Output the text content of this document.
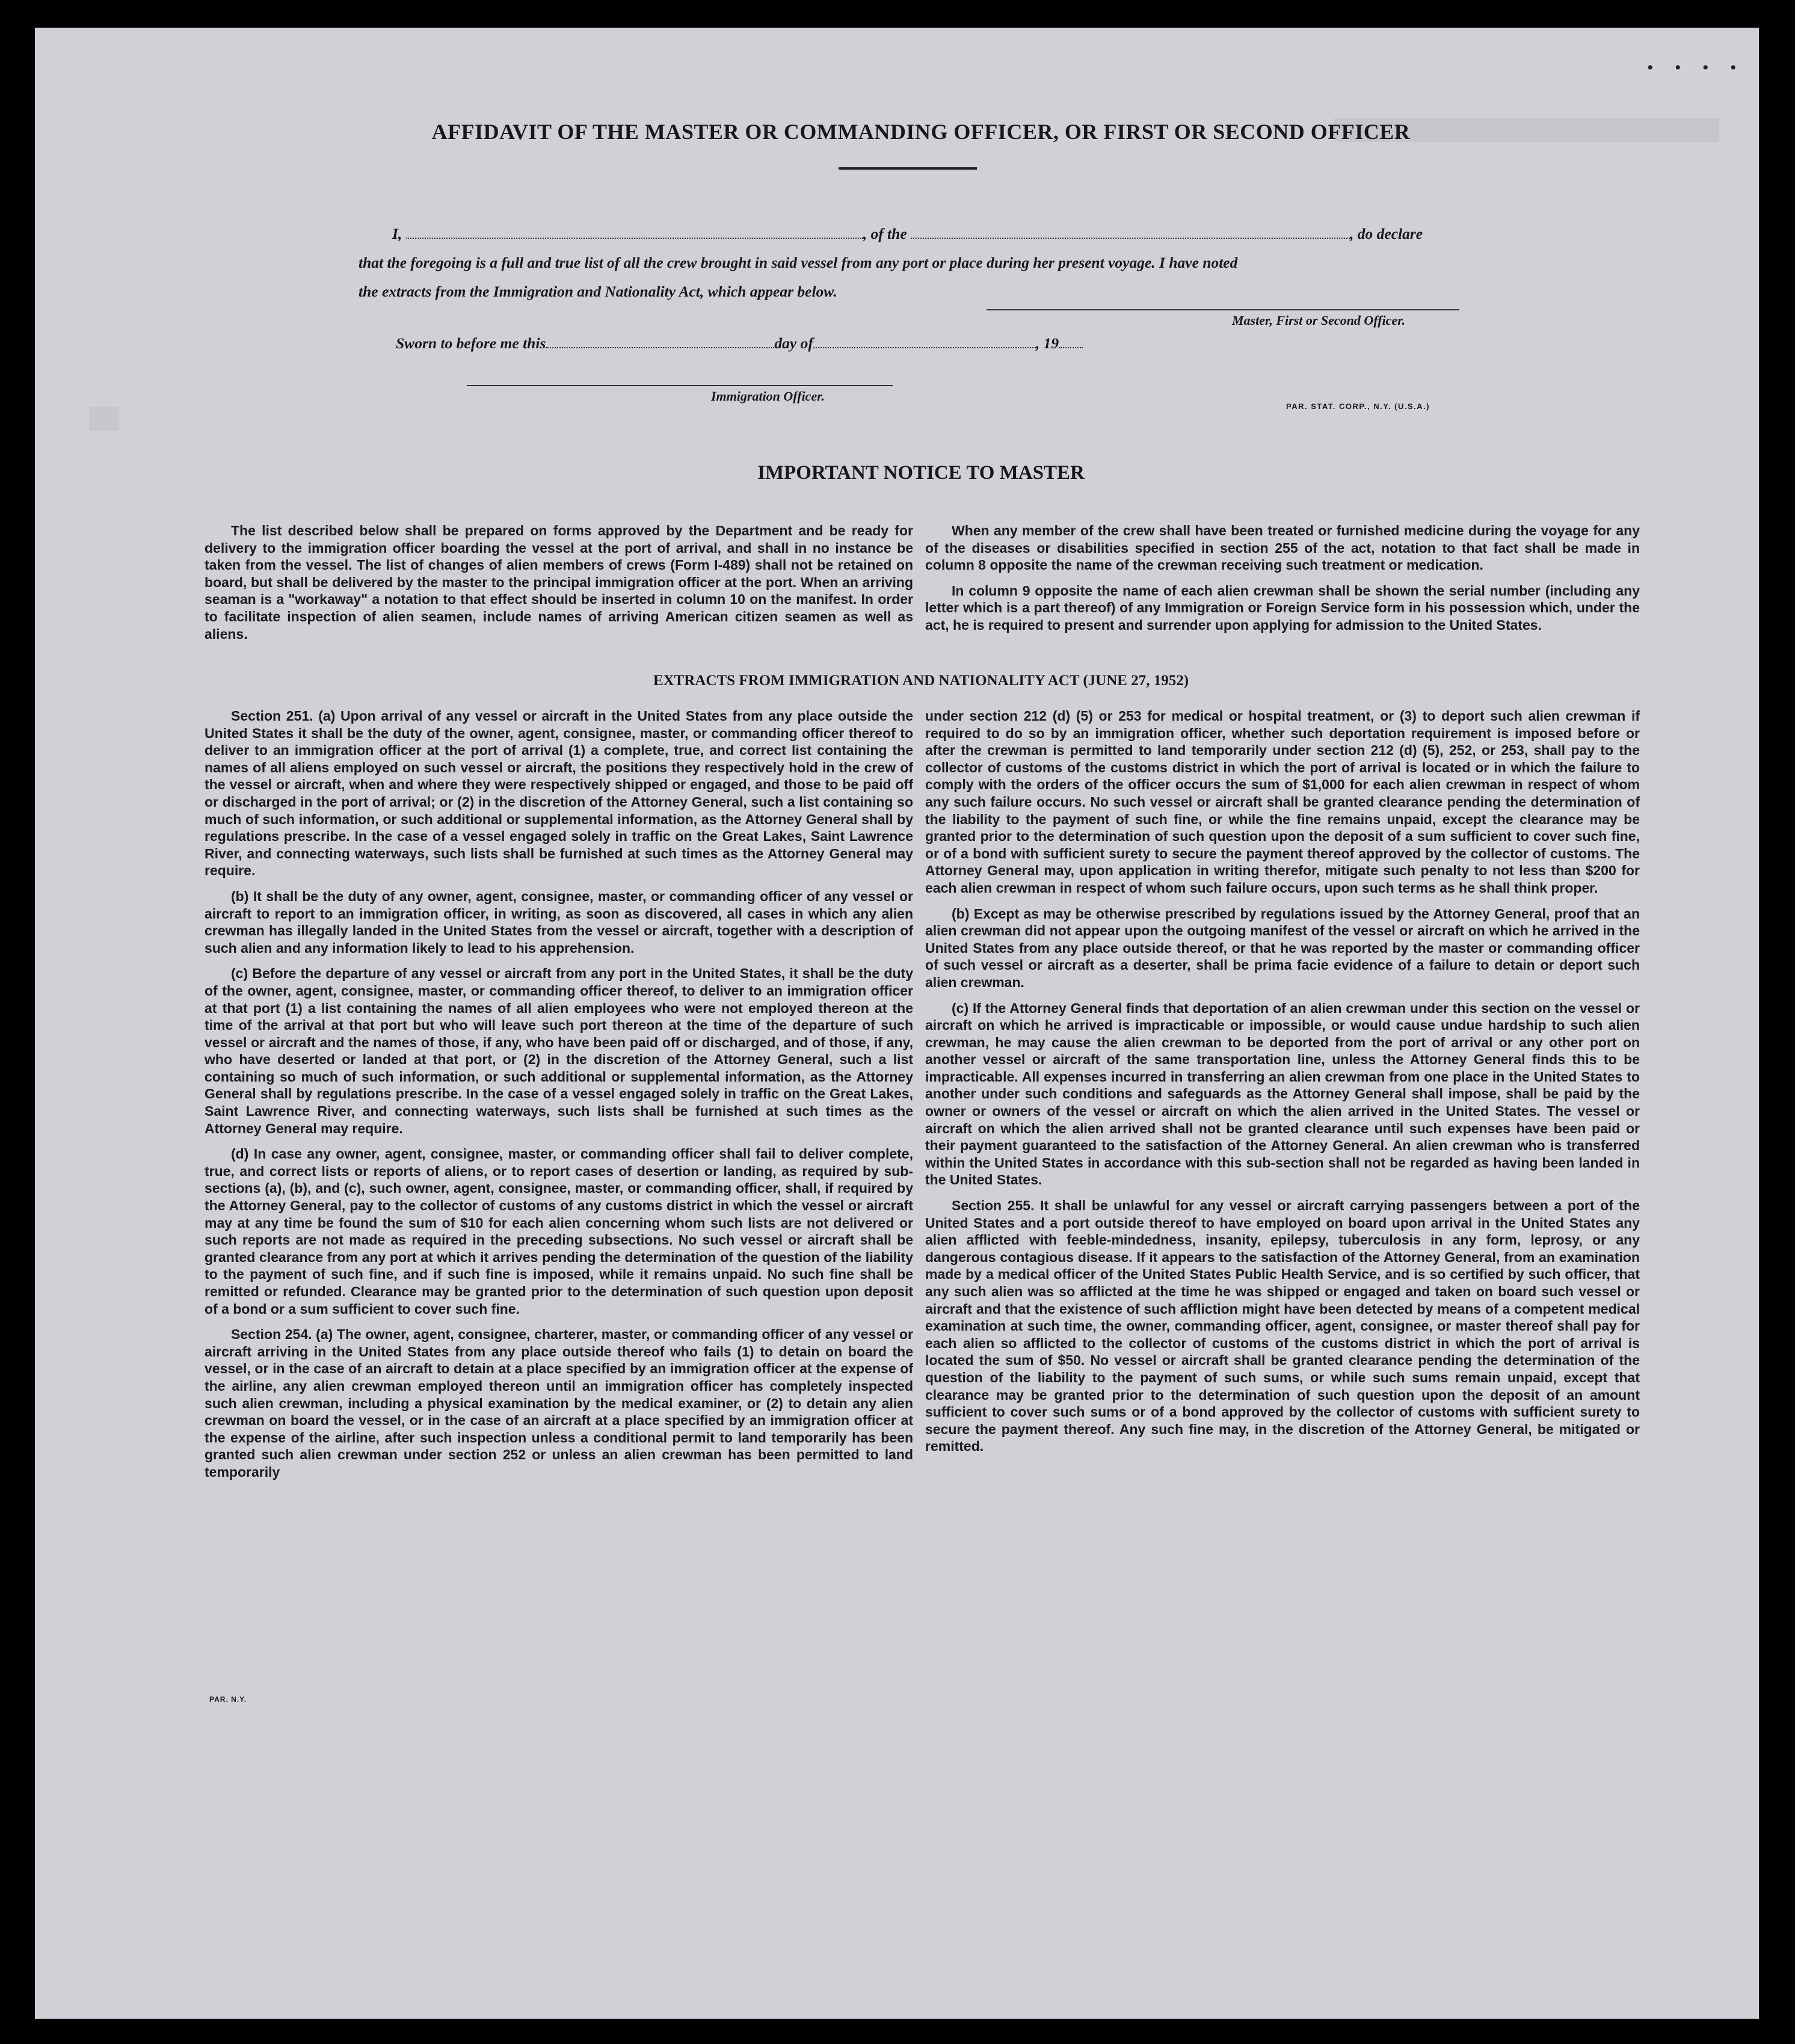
• • • •
AFFIDAVIT OF THE MASTER OR COMMANDING OFFICER, OR FIRST OR SECOND OFFICER
I,	, of the	, do declare
that the foregoing is a full and true list of all the crew brought in said vessel from any port or place during her present voyage. I have noted
the extracts from the Immigration and Nationality Act, which appear below.
Master, First or Second Officer.
Sworn to before me this	day of	, 19
Immigration Officer.
PAR. STAT. CORP., N.Y. (U.S.A.)
IMPORTANT NOTICE TO MASTER

The list described below shall be prepared on forms approved by the Department and be ready for delivery to the immigration officer boarding the vessel at the port of arrival, and shall in no instance be taken from the vessel. The list of changes of alien members of crews (Form I-489) shall not be retained on board, but shall be delivered by the master to the principal immigration officer at the port. When an arriving seaman is a "workaway" a notation to that effect should be inserted in column 10 on the manifest. In order to facilitate inspection of alien seamen, include names of arriving American citizen seamen as well as aliens.

When any member of the crew shall have been treated or furnished medicine during the voyage for any of the diseases or disabilities specified in section 255 of the act, notation to that fact shall be made in column 8 opposite the name of the crewman receiving such treatment or medication.

In column 9 opposite the name of each alien crewman shall be shown the serial number (including any letter which is a part thereof) of any Immigration or Foreign Service form in his possession which, under the act, he is required to present and surrender upon applying for admission to the United States.

EXTRACTS FROM IMMIGRATION AND NATIONALITY ACT (JUNE 27, 1952)

Section 251. (a) Upon arrival of any vessel or aircraft in the United States from any place outside the United States it shall be the duty of the owner, agent, consignee, master, or commanding officer thereof to deliver to an immigration officer at the port of arrival (1) a complete, true, and correct list containing the names of all aliens employed on such vessel or aircraft, the positions they respectively hold in the crew of the vessel or aircraft, when and where they were respectively shipped or engaged, and those to be paid off or discharged in the port of arrival; or (2) in the discretion of the Attorney General, such a list containing so much of such information, or such additional or supplemental information, as the Attorney General shall by regulations prescribe. In the case of a vessel engaged solely in traffic on the Great Lakes, Saint Lawrence River, and connecting waterways, such lists shall be furnished at such times as the Attorney General may require.

(b) It shall be the duty of any owner, agent, consignee, master, or commanding officer of any vessel or aircraft to report to an immigration officer, in writing, as soon as discovered, all cases in which any alien crewman has illegally landed in the United States from the vessel or aircraft, together with a description of such alien and any information likely to lead to his apprehension.

(c) Before the departure of any vessel or aircraft from any port in the United States, it shall be the duty of the owner, agent, consignee, master, or commanding officer thereof, to deliver to an immigration officer at that port (1) a list containing the names of all alien employees who were not employed thereon at the time of the arrival at that port but who will leave such port thereon at the time of the departure of such vessel or aircraft and the names of those, if any, who have been paid off or discharged, and of those, if any, who have deserted or landed at that port, or (2) in the discretion of the Attorney General, such a list containing so much of such information, or such additional or supplemental information, as the Attorney General shall by regulations prescribe. In the case of a vessel engaged solely in traffic on the Great Lakes, Saint Lawrence River, and connecting waterways, such lists shall be furnished at such times as the Attorney General may require.

(d) In case any owner, agent, consignee, master, or commanding officer shall fail to deliver complete, true, and correct lists or reports of aliens, or to report cases of desertion or landing, as required by sub-sections (a), (b), and (c), such owner, agent, consignee, master, or commanding officer, shall, if required by the Attorney General, pay to the collector of customs of any customs district in which the vessel or aircraft may at any time be found the sum of $10 for each alien concerning whom such lists are not delivered or such reports are not made as required in the preceding subsections. No such vessel or aircraft shall be granted clearance from any port at which it arrives pending the determination of the question of the liability to the payment of such fine, and if such fine is imposed, while it remains unpaid. No such fine shall be remitted or refunded. Clearance may be granted prior to the determination of such question upon deposit of a bond or a sum sufficient to cover such fine.

Section 254. (a) The owner, agent, consignee, charterer, master, or commanding officer of any vessel or aircraft arriving in the United States from any place outside thereof who fails (1) to detain on board the vessel, or in the case of an aircraft to detain at a place specified by an immigration officer at the expense of the airline, any alien crewman employed thereon until an immigration officer has completely inspected such alien crewman, including a physical examination by the medical examiner, or (2) to detain any alien crewman on board the vessel, or in the case of an aircraft at a place specified by an immigration officer at the expense of the airline, after such inspection unless a conditional permit to land temporarily has been granted such alien crewman under section 252 or unless an alien crewman has been permitted to land temporarily

under section 212 (d) (5) or 253 for medical or hospital treatment, or (3) to deport such alien crewman if required to do so by an immigration officer, whether such deportation requirement is imposed before or after the crewman is permitted to land temporarily under section 212 (d) (5), 252, or 253, shall pay to the collector of customs of the customs district in which the port of arrival is located or in which the failure to comply with the orders of the officer occurs the sum of $1,000 for each alien crewman in respect of whom any such failure occurs. No such vessel or aircraft shall be granted clearance pending the determination of the liability to the payment of such fine, or while the fine remains unpaid, except the clearance may be granted prior to the determination of such question upon the deposit of a sum sufficient to cover such fine, or of a bond with sufficient surety to secure the payment thereof approved by the collector of customs. The Attorney General may, upon application in writing therefor, mitigate such penalty to not less than $200 for each alien crewman in respect of whom such failure occurs, upon such terms as he shall think proper.

(b) Except as may be otherwise prescribed by regulations issued by the Attorney General, proof that an alien crewman did not appear upon the outgoing manifest of the vessel or aircraft on which he arrived in the United States from any place outside thereof, or that he was reported by the master or commanding officer of such vessel or aircraft as a deserter, shall be prima facie evidence of a failure to detain or deport such alien crewman.

(c) If the Attorney General finds that deportation of an alien crewman under this section on the vessel or aircraft on which he arrived is impracticable or impossible, or would cause undue hardship to such alien crewman, he may cause the alien crewman to be deported from the port of arrival or any other port on another vessel or aircraft of the same transportation line, unless the Attorney General finds this to be impracticable. All expenses incurred in transferring an alien crewman from one place in the United States to another under such conditions and safeguards as the Attorney General shall impose, shall be paid by the owner or owners of the vessel or aircraft on which the alien arrived in the United States. The vessel or aircraft on which the alien arrived shall not be granted clearance until such expenses have been paid or their payment guaranteed to the satisfaction of the Attorney General. An alien crewman who is transferred within the United States in accordance with this sub-section shall not be regarded as having been landed in the United States.

Section 255. It shall be unlawful for any vessel or aircraft carrying passengers between a port of the United States and a port outside thereof to have employed on board upon arrival in the United States any alien afflicted with feeble-mindedness, insanity, epilepsy, tuberculosis in any form, leprosy, or any dangerous contagious disease. If it appears to the satisfaction of the Attorney General, from an examination made by a medical officer of the United States Public Health Service, and is so certified by such officer, that any such alien was so afflicted at the time he was shipped or engaged and taken on board such vessel or aircraft and that the existence of such affliction might have been detected by means of a competent medical examination at such time, the owner, commanding officer, agent, consignee, or master thereof shall pay for each alien so afflicted to the collector of customs of the customs district in which the port of arrival is located the sum of $50. No vessel or aircraft shall be granted clearance pending the determination of the question of the liability to the payment of such sums, or while such sums remain unpaid, except that clearance may be granted prior to the determination of such question upon the deposit of an amount sufficient to cover such sums or of a bond approved by the collector of customs with sufficient surety to secure the payment thereof. Any such fine may, in the discretion of the Attorney General, be mitigated or remitted.

PAR. N.Y.
